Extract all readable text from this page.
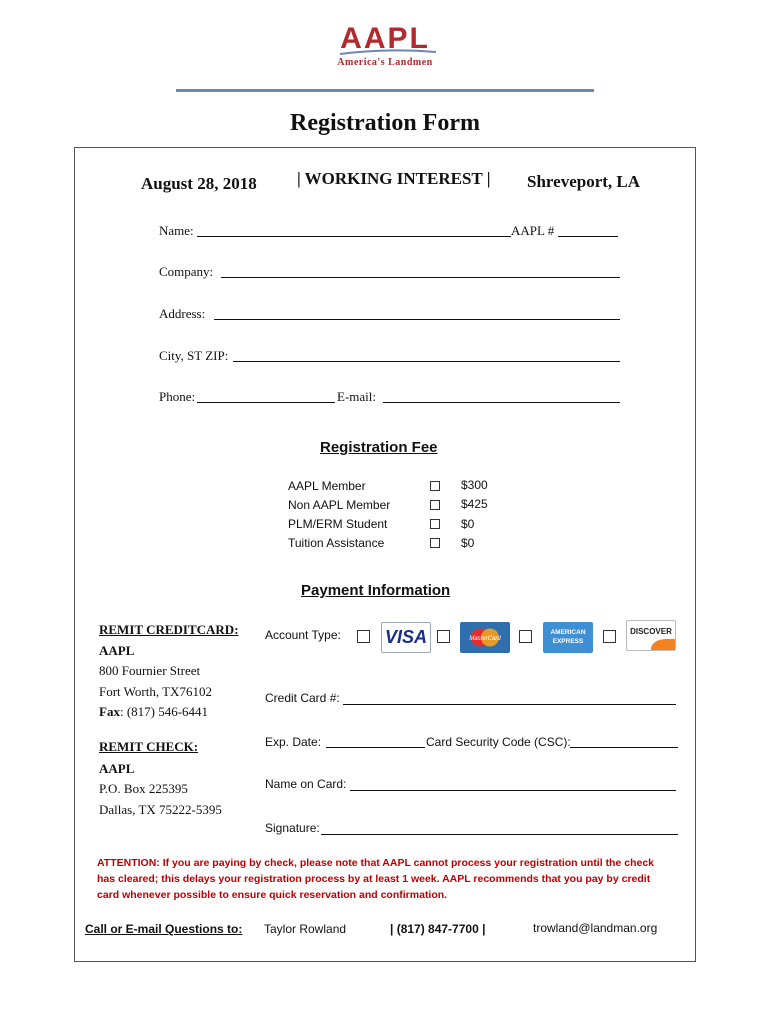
AAPL
America's Landmen
Registration Form
August 28, 2018 | WORKING INTEREST | Shreveport, LA
Name:	AAPL #
Company:
Address:
City, ST ZIP:
Phone:	E-mail:
Registration Fee
AAPL Member	$300
Non AAPL Member	$425
PLM/ERM Student	$0
Tuition Assistance	$0
Payment Information
REMIT CREDITCARD:
AAPL
800 Fournier Street
Fort Worth, TX76102
Fax: (817) 546-6441
REMIT CHECK:
AAPL
P.O. Box 225395
Dallas, TX 75222-5395
Account Type: VISA	MasterCard
AMERICAN EXPRESS
DISCOVER
Credit Card #:
Exp. Date:	Card Security Code (CSC):
Name on Card:
Signature:
ATTENTION: If you are paying by check, please note that AAPL cannot process your registration until the check
has cleared; this delays your registration process by at least 1 week. AAPL recommends that you pay by credit
card whenever possible to ensure quick reservation and confirmation.
Call or E-mail Questions to: Taylor Rowland	| (817) 847-7700 |	trowland@landman.org
